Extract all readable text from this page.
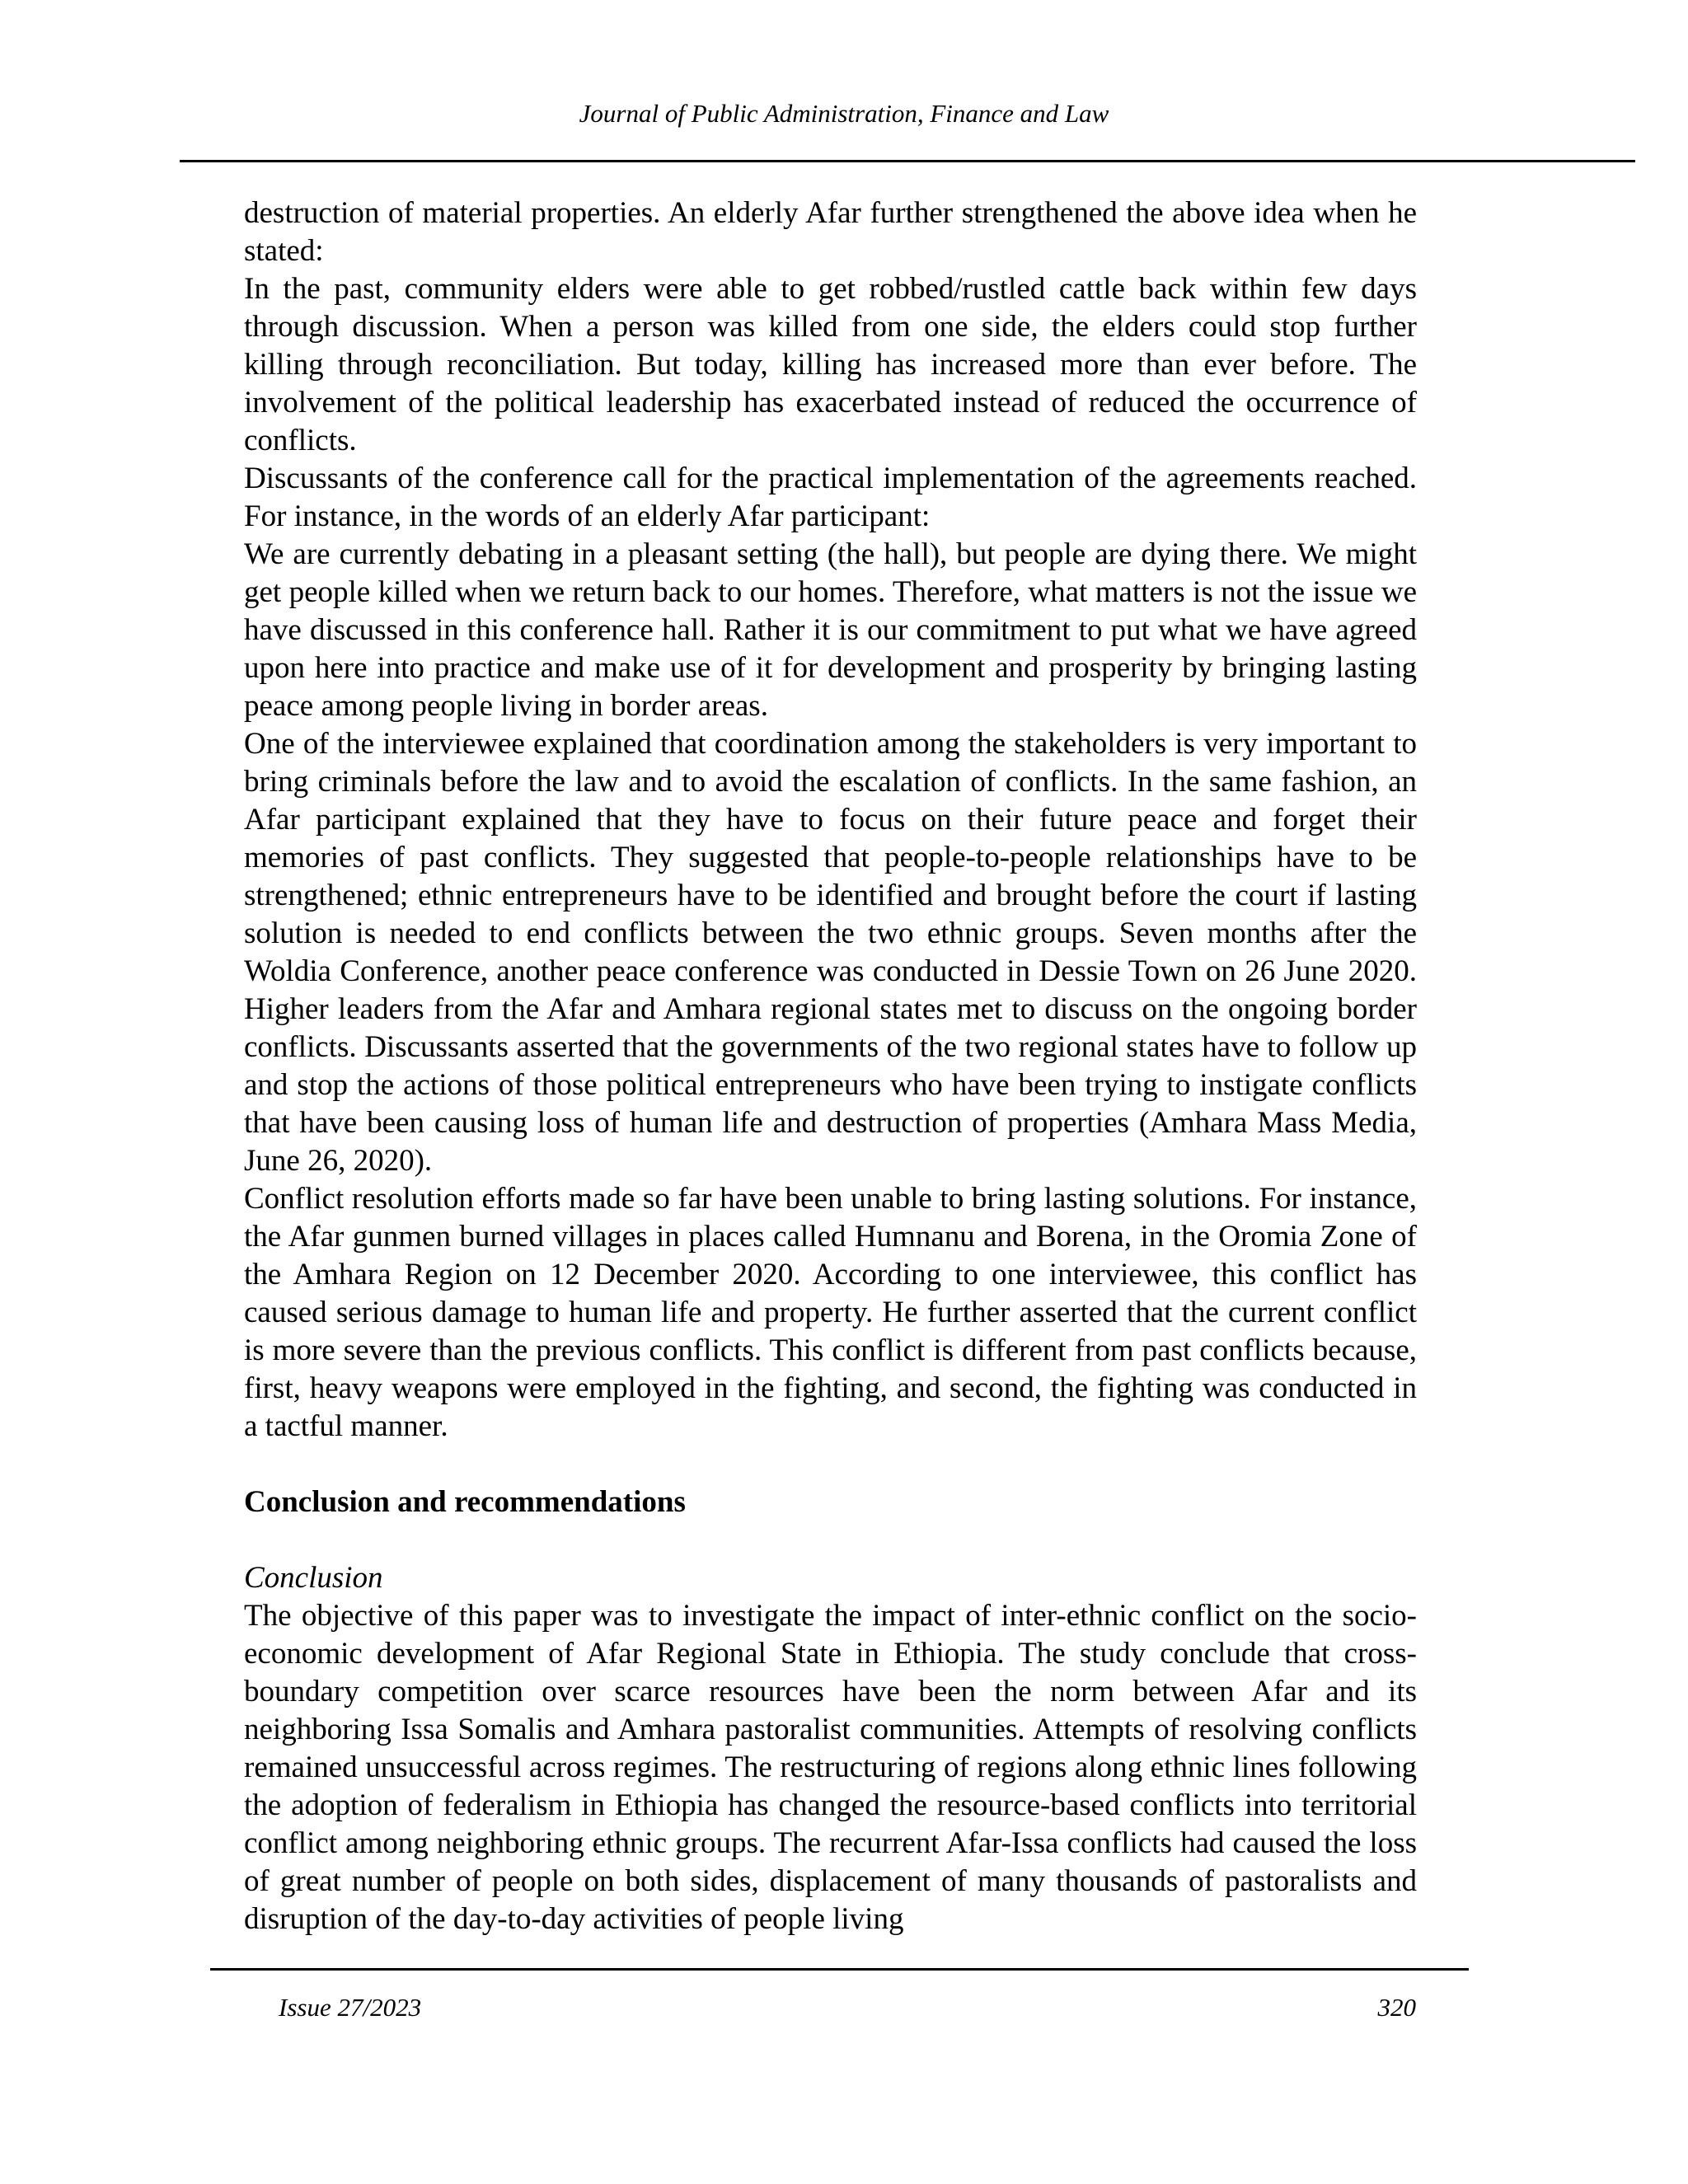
Journal of Public Administration, Finance and Law

destruction of material properties. An elderly Afar further strengthened the above idea when he stated:

In the past, community elders were able to get robbed/rustled cattle back within few days through discussion. When a person was killed from one side, the elders could stop further killing through reconciliation. But today, killing has increased more than ever before. The involvement of the political leadership has exacerbated instead of reduced the occurrence of conflicts.

Discussants of the conference call for the practical implementation of the agreements reached. For instance, in the words of an elderly Afar participant:

We are currently debating in a pleasant setting (the hall), but people are dying there. We might get people killed when we return back to our homes. Therefore, what matters is not the issue we have discussed in this conference hall. Rather it is our commitment to put what we have agreed upon here into practice and make use of it for development and prosperity by bringing lasting peace among people living in border areas.

One of the interviewee explained that coordination among the stakeholders is very important to bring criminals before the law and to avoid the escalation of conflicts. In the same fashion, an Afar participant explained that they have to focus on their future peace and forget their memories of past conflicts. They suggested that people-to-people relationships have to be strengthened; ethnic entrepreneurs have to be identified and brought before the court if lasting solution is needed to end conflicts between the two ethnic groups. Seven months after the Woldia Conference, another peace conference was conducted in Dessie Town on 26 June 2020. Higher leaders from the Afar and Amhara regional states met to discuss on the ongoing border conflicts. Discussants asserted that the governments of the two regional states have to follow up and stop the actions of those political entrepreneurs who have been trying to instigate conflicts that have been causing loss of human life and destruction of properties (Amhara Mass Media, June 26, 2020).

Conflict resolution efforts made so far have been unable to bring lasting solutions. For instance, the Afar gunmen burned villages in places called Humnanu and Borena, in the Oromia Zone of the Amhara Region on 12 December 2020. According to one interviewee, this conflict has caused serious damage to human life and property. He further asserted that the current conflict is more severe than the previous conflicts. This conflict is different from past conflicts because, first, heavy weapons were employed in the fighting, and second, the fighting was conducted in a tactful manner.

Conclusion and recommendations

Conclusion

The objective of this paper was to investigate the impact of inter-ethnic conflict on the socio-economic development of Afar Regional State in Ethiopia. The study conclude that cross-boundary competition over scarce resources have been the norm between Afar and its neighboring Issa Somalis and Amhara pastoralist communities. Attempts of resolving conflicts remained unsuccessful across regimes. The restructuring of regions along ethnic lines following the adoption of federalism in Ethiopia has changed the resource-based conflicts into territorial conflict among neighboring ethnic groups. The recurrent Afar-Issa conflicts had caused the loss of great number of people on both sides, displacement of many thousands of pastoralists and disruption of the day-to-day activities of people living

Issue 27/2023	320
